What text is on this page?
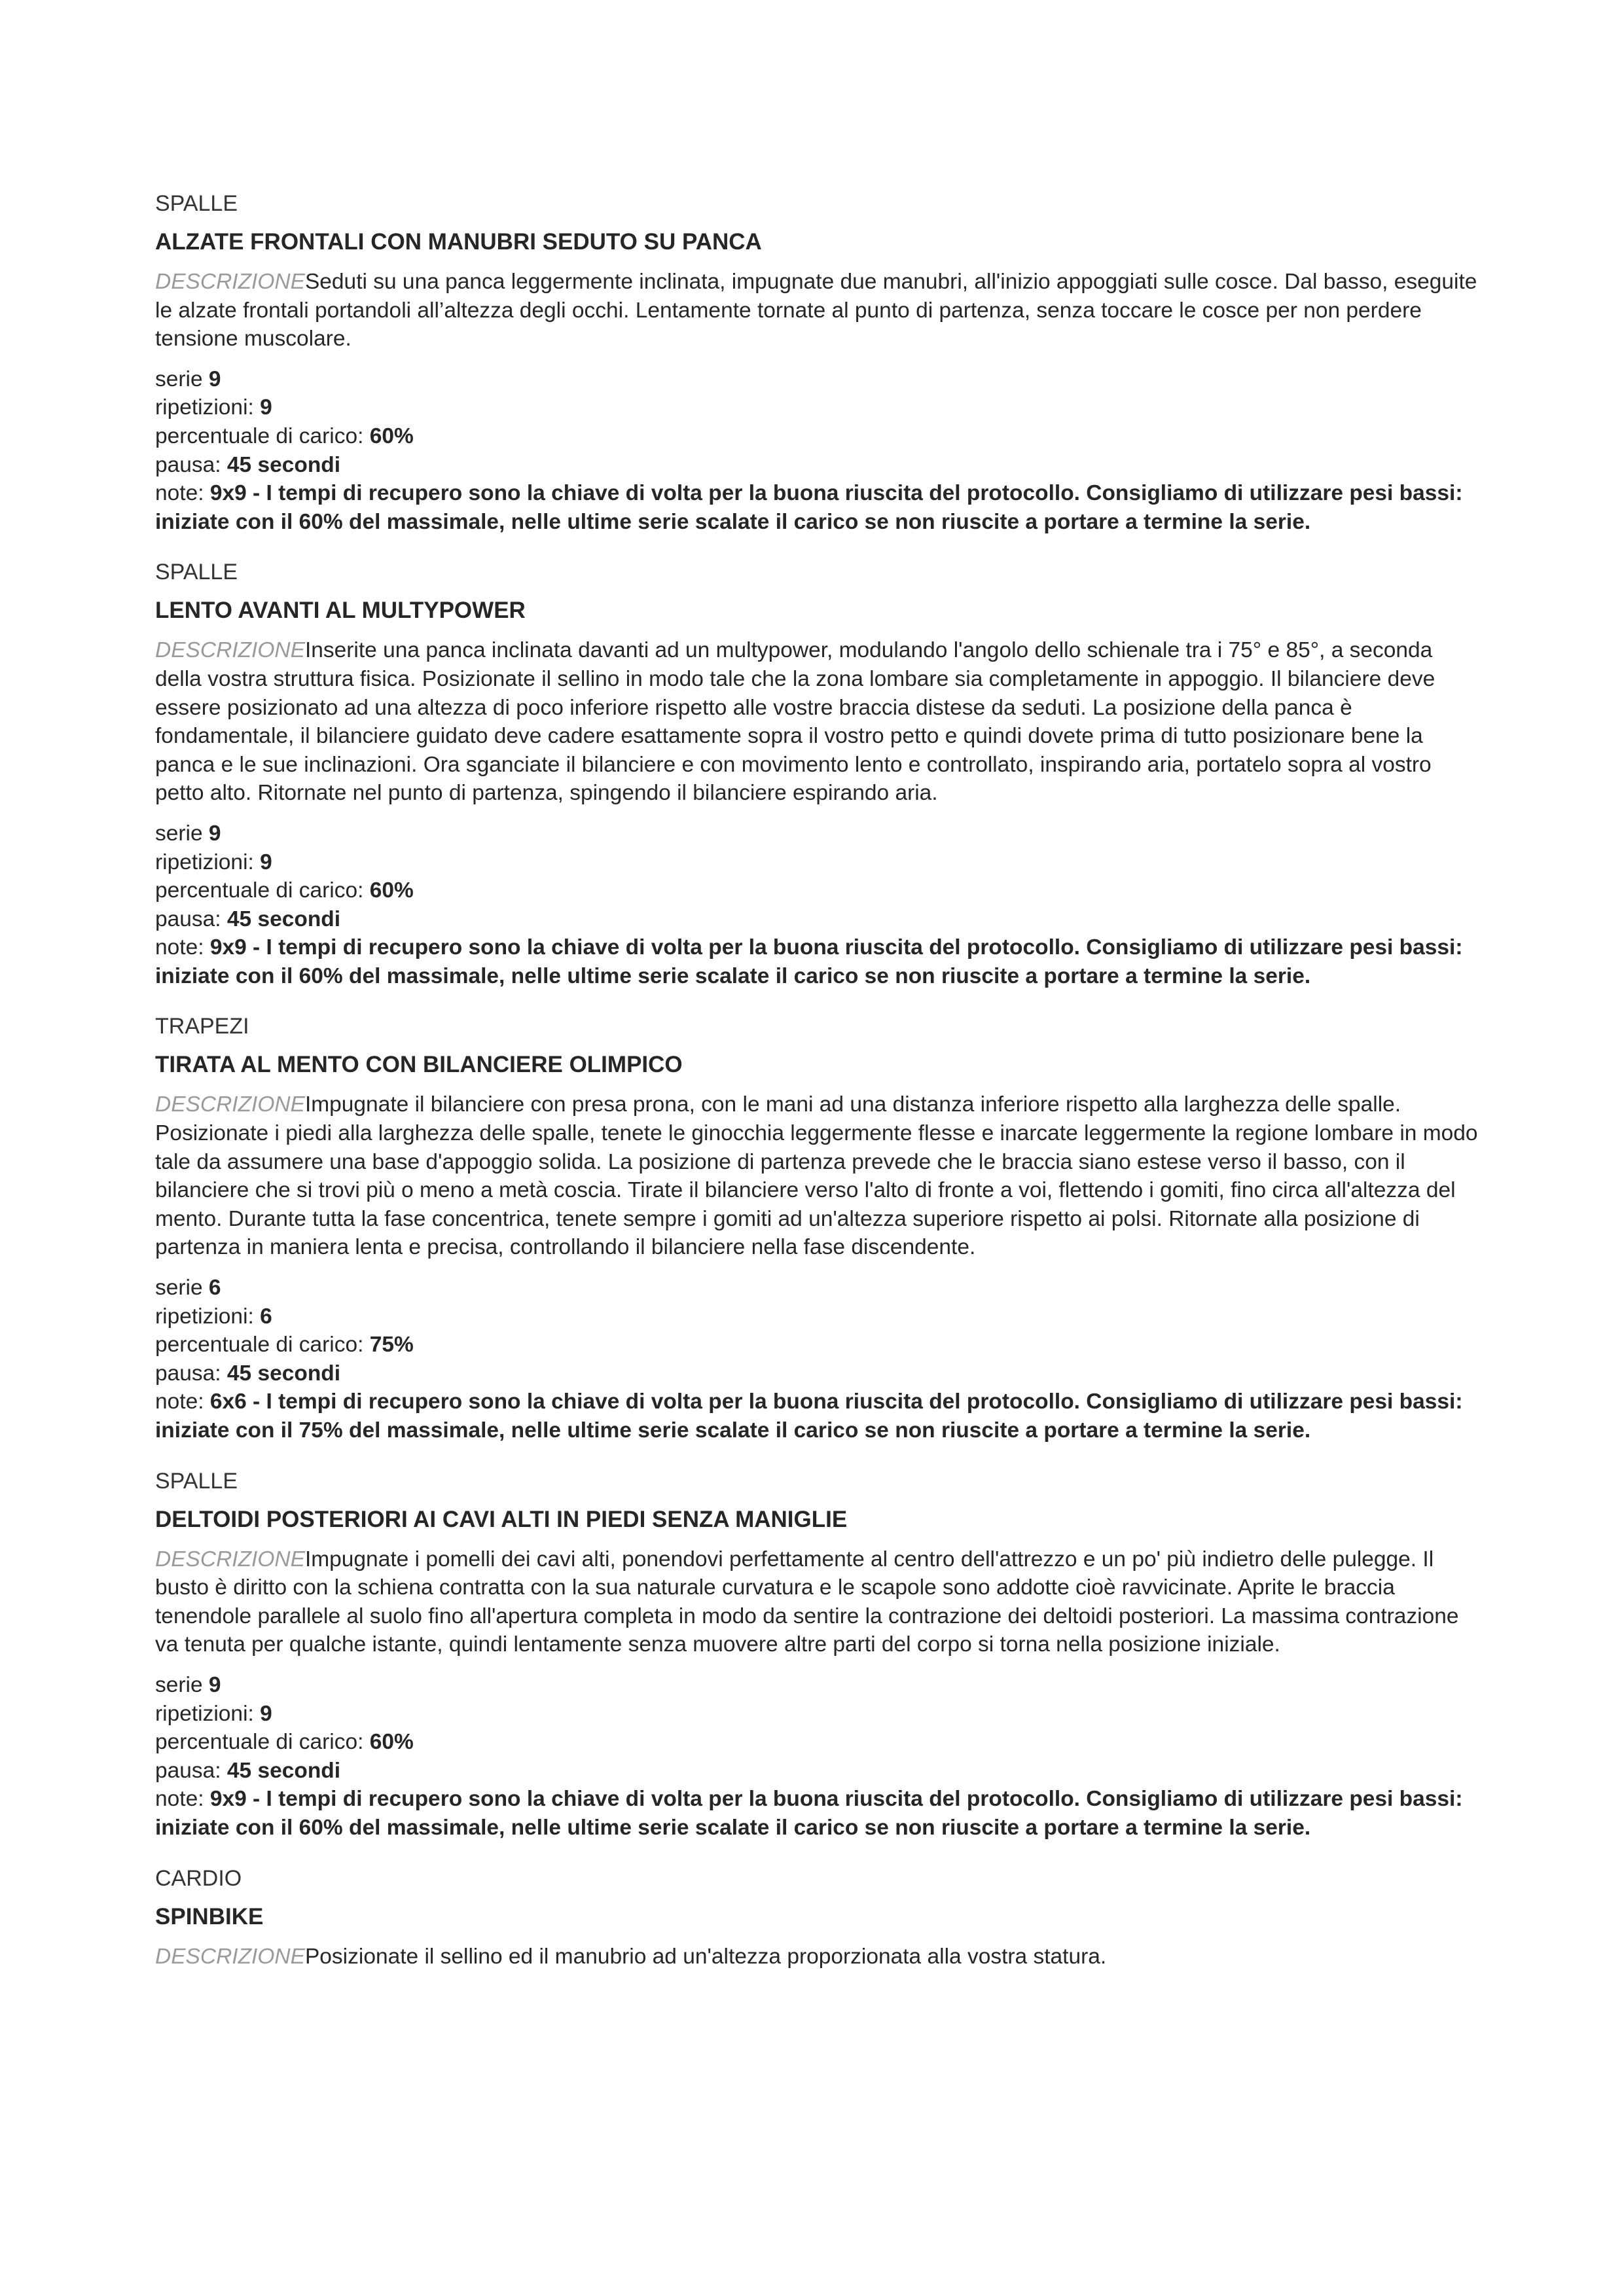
SPALLE
ALZATE FRONTALI CON MANUBRI SEDUTO SU PANCA
DESCRIZIONESeduti su una panca leggermente inclinata, impugnate due manubri, all'inizio appoggiati sulle cosce. Dal basso, eseguite le alzate frontali portandoli all’altezza degli occhi. Lentamente tornate al punto di partenza, senza toccare le cosce per non perdere tensione muscolare.
serie 9
ripetizioni: 9
percentuale di carico: 60%
pausa: 45 secondi
note: 9x9 - I tempi di recupero sono la chiave di volta per la buona riuscita del protocollo. Consigliamo di utilizzare pesi bassi: iniziate con il 60% del massimale, nelle ultime serie scalate il carico se non riuscite a portare a termine la serie.
SPALLE
LENTO AVANTI AL MULTYPOWER
DESCRIZIONEInserite una panca inclinata davanti ad un multypower, modulando l'angolo dello schienale tra i 75° e 85°, a seconda della vostra struttura fisica. Posizionate il sellino in modo tale che la zona lombare sia completamente in appoggio. Il bilanciere deve essere posizionato ad una altezza di poco inferiore rispetto alle vostre braccia distese da seduti. La posizione della panca è fondamentale, il bilanciere guidato deve cadere esattamente sopra il vostro petto e quindi dovete prima di tutto posizionare bene la panca e le sue inclinazioni. Ora sganciate il bilanciere e con movimento lento e controllato, inspirando aria, portatelo sopra al vostro petto alto. Ritornate nel punto di partenza, spingendo il bilanciere espirando aria.
serie 9
ripetizioni: 9
percentuale di carico: 60%
pausa: 45 secondi
note: 9x9 - I tempi di recupero sono la chiave di volta per la buona riuscita del protocollo. Consigliamo di utilizzare pesi bassi: iniziate con il 60% del massimale, nelle ultime serie scalate il carico se non riuscite a portare a termine la serie.
TRAPEZI
TIRATA AL MENTO CON BILANCIERE OLIMPICO
DESCRIZIONEImpugnate il bilanciere con presa prona, con le mani ad una distanza inferiore rispetto alla larghezza delle spalle. Posizionate i piedi alla larghezza delle spalle, tenete le ginocchia leggermente flesse e inarcate leggermente la regione lombare in modo tale da assumere una base d'appoggio solida. La posizione di partenza prevede che le braccia siano estese verso il basso, con il bilanciere che si trovi più o meno a metà coscia. Tirate il bilanciere verso l'alto di fronte a voi, flettendo i gomiti, fino circa all'altezza del mento. Durante tutta la fase concentrica, tenete sempre i gomiti ad un'altezza superiore rispetto ai polsi. Ritornate alla posizione di partenza in maniera lenta e precisa, controllando il bilanciere nella fase discendente.
serie 6
ripetizioni: 6
percentuale di carico: 75%
pausa: 45 secondi
note: 6x6 - I tempi di recupero sono la chiave di volta per la buona riuscita del protocollo. Consigliamo di utilizzare pesi bassi: iniziate con il 75% del massimale, nelle ultime serie scalate il carico se non riuscite a portare a termine la serie.
SPALLE
DELTOIDI POSTERIORI AI CAVI ALTI IN PIEDI SENZA MANIGLIE
DESCRIZIONEImpugnate i pomelli dei cavi alti, ponendovi perfettamente al centro dell'attrezzo e un po' più indietro delle pulegge. Il busto è diritto con la schiena contratta con la sua naturale curvatura e le scapole sono addotte cioè ravvicinate. Aprite le braccia tenendole parallele al suolo fino all'apertura completa in modo da sentire la contrazione dei deltoidi posteriori. La massima contrazione va tenuta per qualche istante, quindi lentamente senza muovere altre parti del corpo si torna nella posizione iniziale.
serie 9
ripetizioni: 9
percentuale di carico: 60%
pausa: 45 secondi
note: 9x9 - I tempi di recupero sono la chiave di volta per la buona riuscita del protocollo. Consigliamo di utilizzare pesi bassi: iniziate con il 60% del massimale, nelle ultime serie scalate il carico se non riuscite a portare a termine la serie.
CARDIO
SPINBIKE
DESCRIZIONEPosizionate il sellino ed il manubrio ad un'altezza proporzionata alla vostra statura.
